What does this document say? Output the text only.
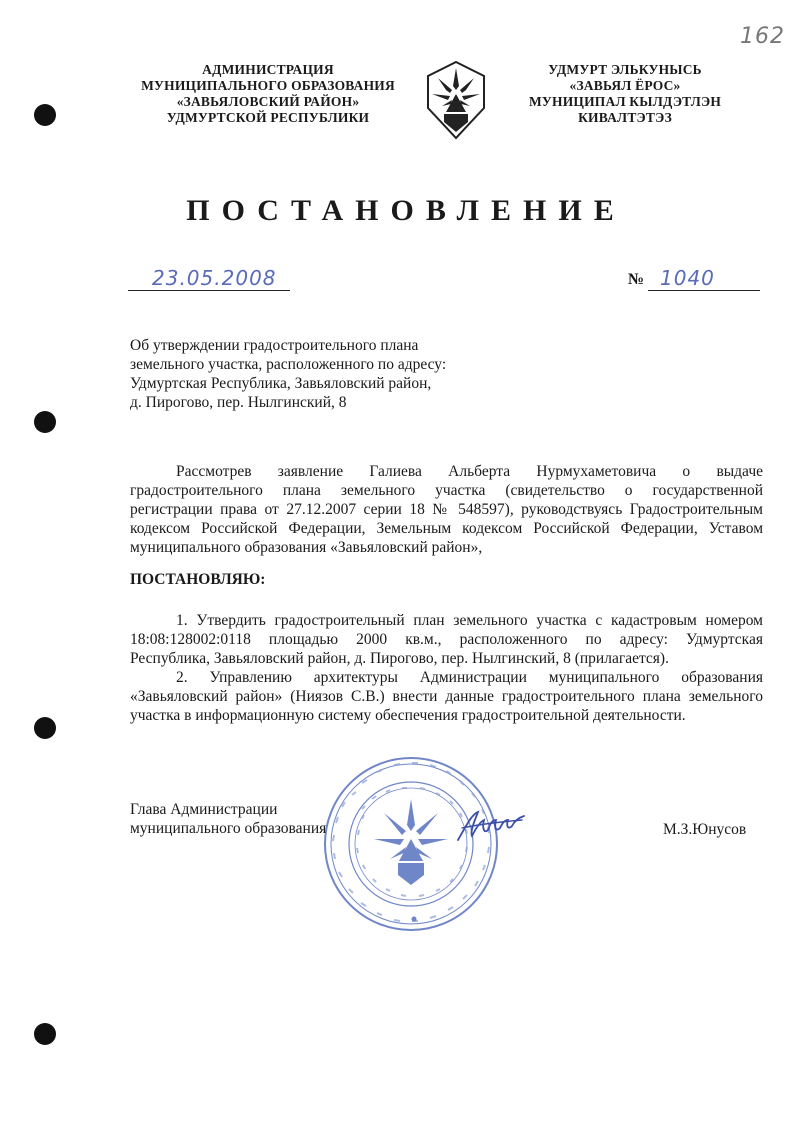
162
АДМИНИСТРАЦИЯ
МУНИЦИПАЛЬНОГО ОБРАЗОВАНИЯ
«ЗАВЬЯЛОВСКИЙ РАЙОН»
УДМУРТСКОЙ РЕСПУБЛИКИ
УДМУРТ ЭЛЬКУНЫСЬ
«ЗАВЬЯЛ ЁРОС»
МУНИЦИПАЛ КЫЛДЭТЛЭН
КИВАЛТЭТЭЗ
ПОСТАНОВЛЕНИЕ
23.05.2008	№ 1040
Об утверждении градостроительного плана
земельного участка, расположенного по адресу:
Удмуртская Республика, Завьяловский район,
д. Пирогово, пер. Нылгинский, 8
Рассмотрев заявление Галиева Альберта Нурмухаметовича о выдаче
градостроительного плана земельного участка (свидетельство о государственной
регистрации права от 27.12.2007 серии 18 № 548597), руководствуясь Градостроительным
кодексом Российской Федерации, Земельным кодексом Российской Федерации, Уставом
муниципального образования «Завьяловский район»,
ПОСТАНОВЛЯЮ:
1. Утвердить градостроительный план земельного участка с кадастровым номером
18:08:128002:0118 площадью 2000 кв.м., расположенного по адресу: Удмуртская
Республика, Завьяловский район, д. Пирогово, пер. Нылгинский, 8 (прилагается).
2. Управлению архитектуры Администрации муниципального образования
«Завьяловский район» (Ниязов С.В.) внести данные градостроительного плана земельного
участка в информационную систему обеспечения градостроительной деятельности.
Глава Администрации
муниципального образования	М.З.Юнусов
